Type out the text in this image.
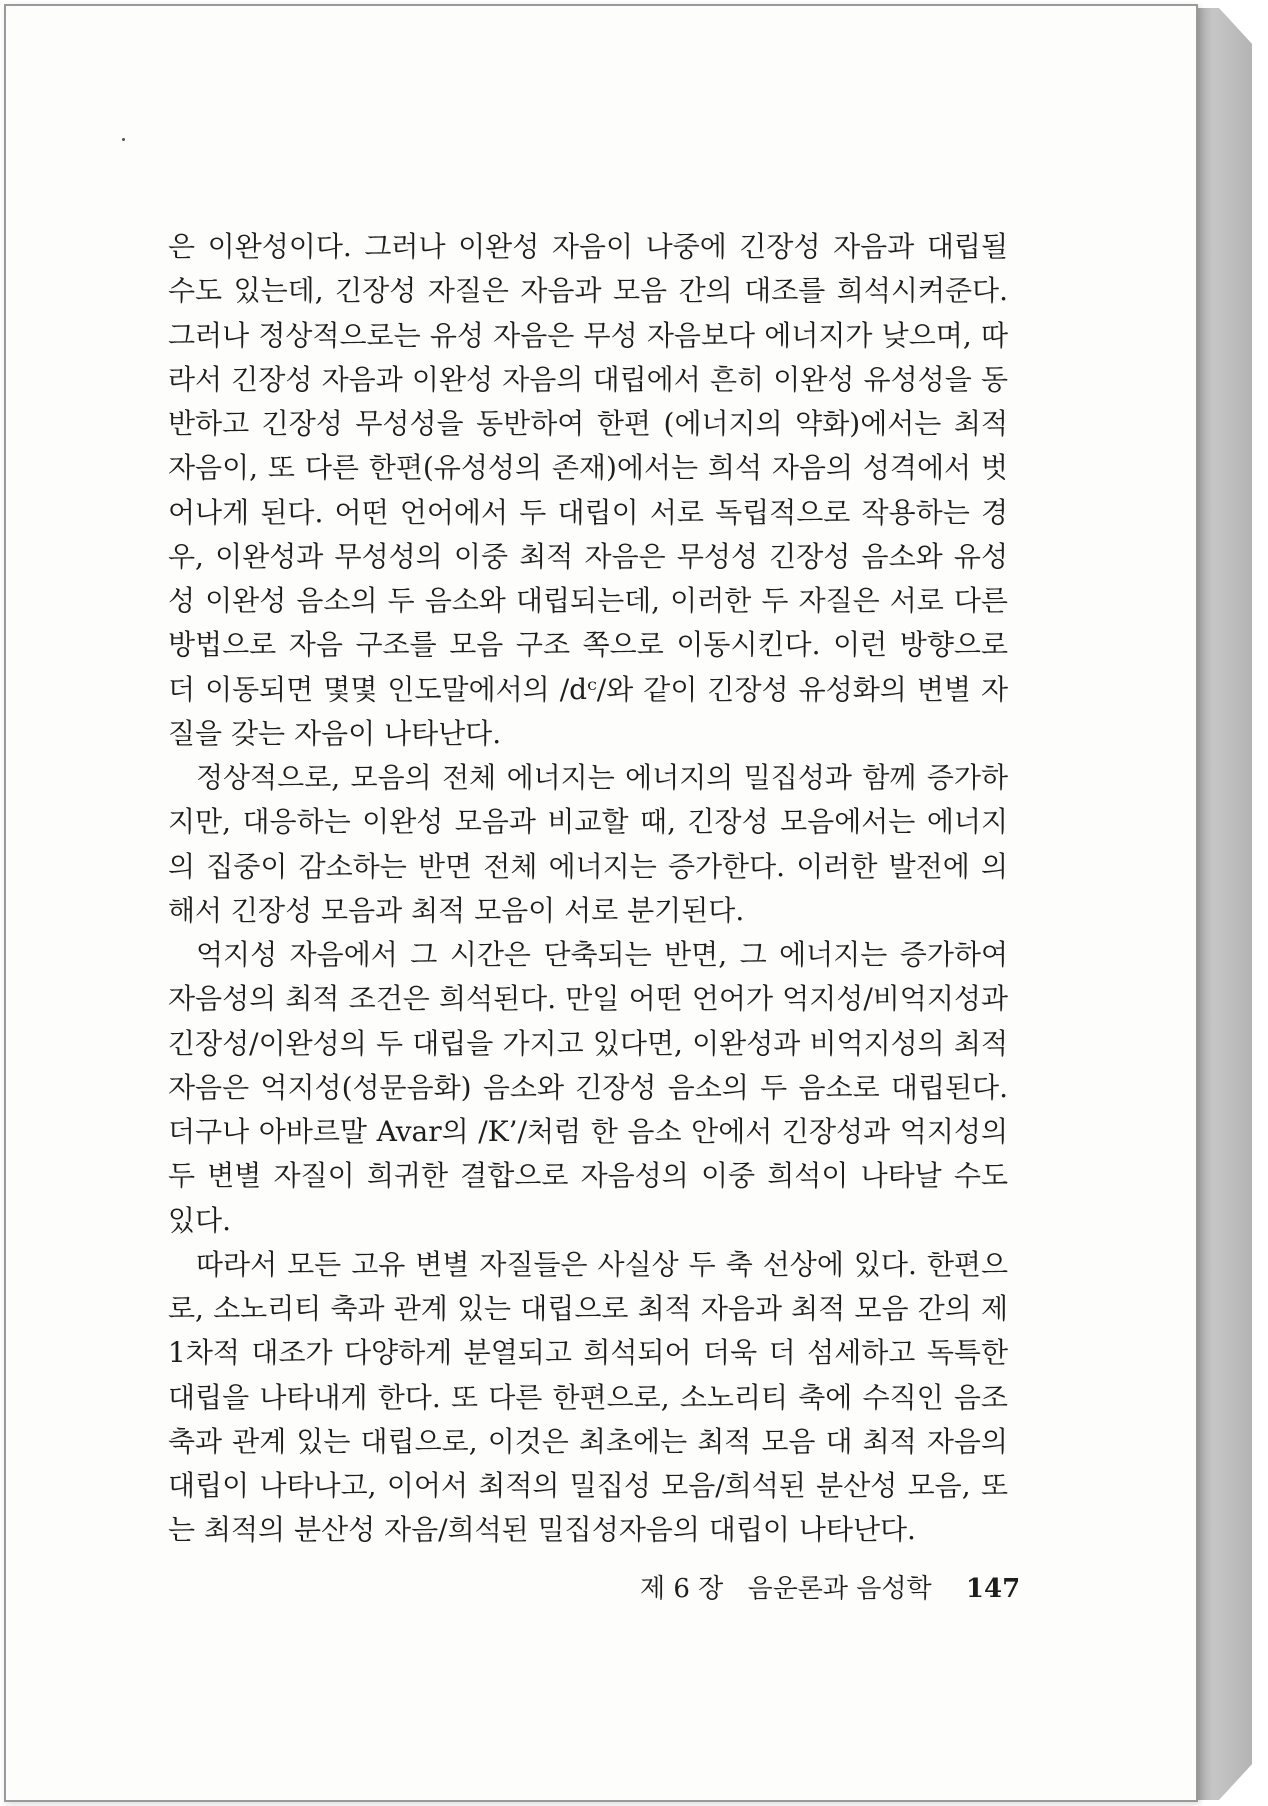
은 이완성이다. 그러나 이완성 자음이 나중에 긴장성 자음과 대립될 수도 있는데, 긴장성 자질은 자음과 모음 간의 대조를 희석시켜준다. 그러나 정상적으로는 유성 자음은 무성 자음보다 에너지가 낮으며, 따라서 긴장성 자음과 이완성 자음의 대립에서 흔히 이완성 유성성을 동반하고 긴장성 무성성을 동반하여 한편 (에너지의 약화)에서는 최적 자음이, 또 다른 한편(유성성의 존재)에서는 희석 자음의 성격에서 벗어나게 된다. 어떤 언어에서 두 대립이 서로 독립적으로 작용하는 경우, 이완성과 무성성의 이중 최적 자음은 무성성 긴장성 음소와 유성성 이완성 음소의 두 음소와 대립되는데, 이러한 두 자질은 서로 다른 방법으로 자음 구조를 모음 구조 쪽으로 이동시킨다. 이런 방향으로 더 이동되면 몇몇 인도말에서의 /dᶜ/와 같이 긴장성 유성화의 변별 자질을 갖는 자음이 나타난다.

정상적으로, 모음의 전체 에너지는 에너지의 밀집성과 함께 증가하지만, 대응하는 이완성 모음과 비교할 때, 긴장성 모음에서는 에너지의 집중이 감소하는 반면 전체 에너지는 증가한다. 이러한 발전에 의해서 긴장성 모음과 최적 모음이 서로 분기된다.

억지성 자음에서 그 시간은 단축되는 반면, 그 에너지는 증가하여 자음성의 최적 조건은 희석된다. 만일 어떤 언어가 억지성/비억지성과 긴장성/이완성의 두 대립을 가지고 있다면, 이완성과 비억지성의 최적 자음은 억지성(성문음화) 음소와 긴장성 음소의 두 음소로 대립된다. 더구나 아바르말 Avar의 /K’/처럼 한 음소 안에서 긴장성과 억지성의 두 변별 자질이 희귀한 결합으로 자음성의 이중 희석이 나타날 수도 있다.

따라서 모든 고유 변별 자질들은 사실상 두 축 선상에 있다. 한편으로, 소노리티 축과 관계 있는 대립으로 최적 자음과 최적 모음 간의 제 1차적 대조가 다양하게 분열되고 희석되어 더욱 더 섬세하고 독특한 대립을 나타내게 한다. 또 다른 한편으로, 소노리티 축에 수직인 음조 축과 관계 있는 대립으로, 이것은 최초에는 최적 모음 대 최적 자음의 대립이 나타나고, 이어서 최적의 밀집성 모음/희석된 분산성 모음, 또는 최적의 분산성 자음/희석된 밀집성자음의 대립이 나타난다.

제 6 장 음운론과 음성학 147
